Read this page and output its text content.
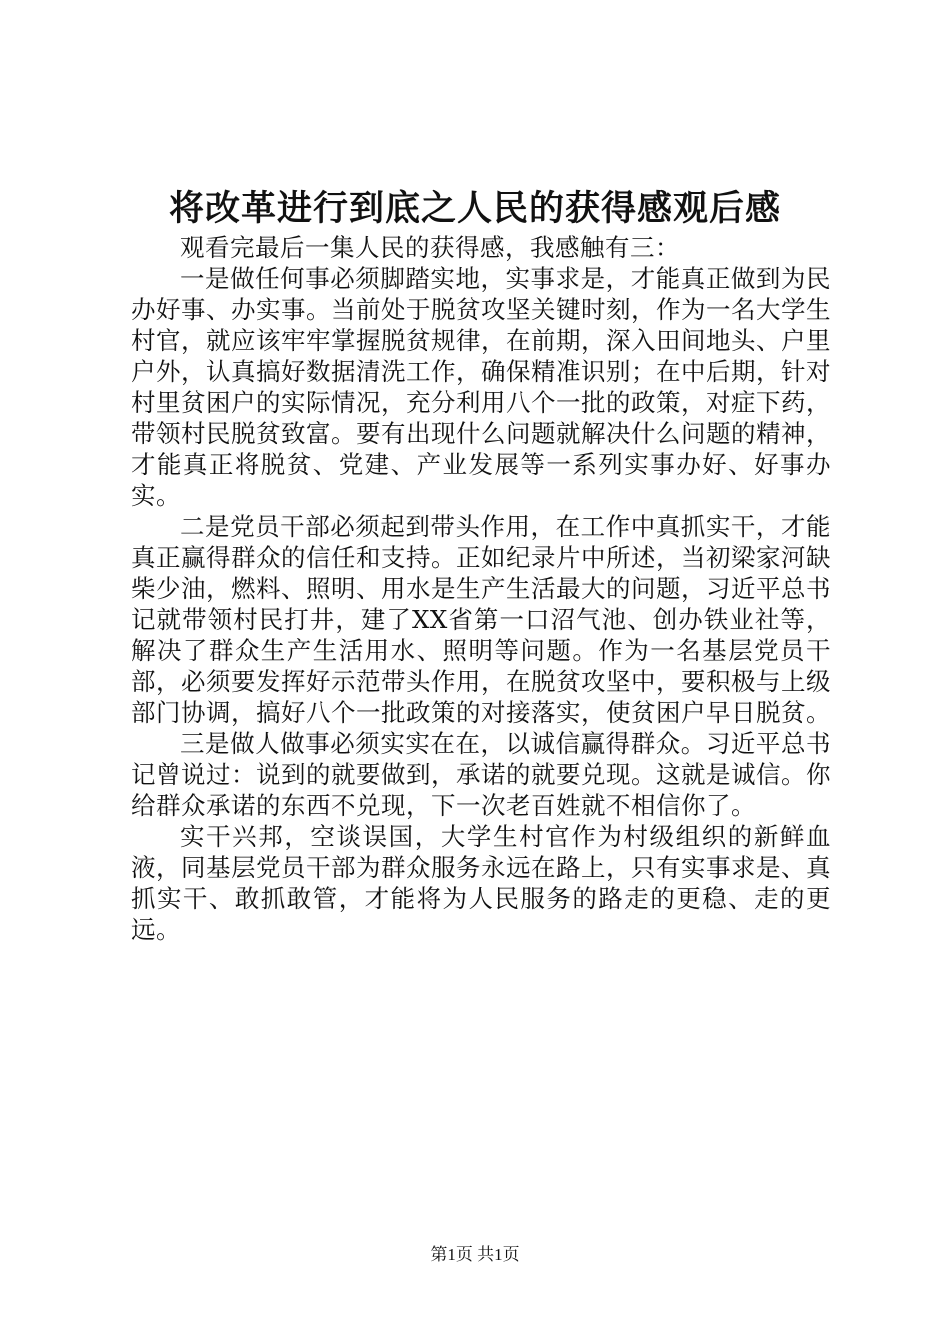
将改革进行到底之人民的获得感观后感

观看完最后一集人民的获得感，我感触有三：

一是做任何事必须脚踏实地，实事求是，才能真正做到为民办好事、办实事。当前处于脱贫攻坚关键时刻，作为一名大学生村官，就应该牢牢掌握脱贫规律，在前期，深入田间地头、户里户外，认真搞好数据清洗工作，确保精准识别；在中后期，针对村里贫困户的实际情况，充分利用八个一批的政策，对症下药，带领村民脱贫致富。要有出现什么问题就解决什么问题的精神，才能真正将脱贫、党建、产业发展等一系列实事办好、好事办实。

二是党员干部必须起到带头作用，在工作中真抓实干，才能真正赢得群众的信任和支持。正如纪录片中所述，当初梁家河缺柴少油，燃料、照明、用水是生产生活最大的问题，习近平总书记就带领村民打井，建了XX省第一口沼气池、创办铁业社等，解决了群众生产生活用水、照明等问题。作为一名基层党员干部，必须要发挥好示范带头作用，在脱贫攻坚中，要积极与上级部门协调，搞好八个一批政策的对接落实，使贫困户早日脱贫。

三是做人做事必须实实在在，以诚信赢得群众。习近平总书记曾说过：说到的就要做到，承诺的就要兑现。这就是诚信。你给群众承诺的东西不兑现，下一次老百姓就不相信你了。

实干兴邦，空谈误国，大学生村官作为村级组织的新鲜血液，同基层党员干部为群众服务永远在路上，只有实事求是、真抓实干、敢抓敢管，才能将为人民服务的路走的更稳、走的更远。

第1页 共1页
